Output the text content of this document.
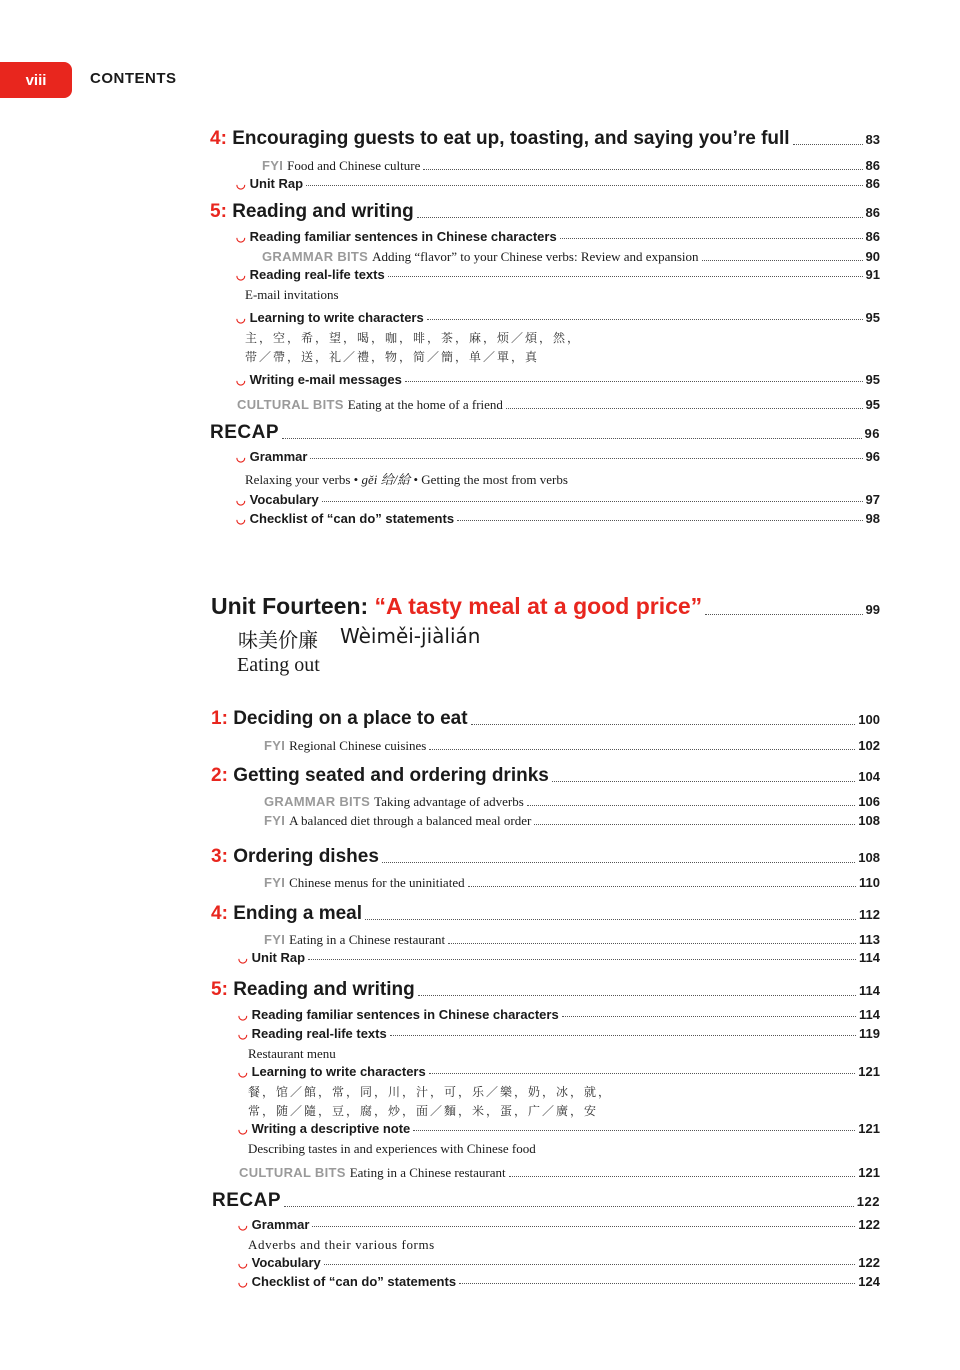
viii	CONTENTS
4:
Encouraging guests to eat up, toasting, and saying you’re full	83
FYI
Food and Chinese culture	86
◡ Unit Rap	86
5:
Reading and writing	86
◡ Reading familiar sentences in Chinese characters	86
GRAMMAR BITS
Adding “flavor” to your Chinese verbs: Review and expansion	90
◡ Reading real-life texts	91
E-mail invitations
◡ Learning to write characters	95
主，空，希，望，喝，咖，啡，茶，麻，烦／煩，然，
带／帶，送，礼／禮，物，简／簡，单／單，真
◡ Writing e-mail messages	95
CULTURAL BITS
Eating at the home of a friend	95
RECAP	96
◡ Grammar	96
Relaxing your verbs • gěi 给/給 • Getting the most from verbs
◡ Vocabulary	97
◡ Checklist of “can do” statements	98
Unit Fourteen:
“A tasty meal at a good price”	99
味美价廉 Wèiměi-jiàlián
Eating out
1:
Deciding on a place to eat	100
FYI
Regional Chinese cuisines	102
2:
Getting seated and ordering drinks	104
GRAMMAR BITS
Taking advantage of adverbs	106
FYI
A balanced diet through a balanced meal order	108
3:
Ordering dishes	108
FYI
Chinese menus for the uninitiated	110
4:
Ending a meal	112
FYI
Eating in a Chinese restaurant	113
◡ Unit Rap	114
5:
Reading and writing	114
◡ Reading familiar sentences in Chinese characters	114
◡ Reading real-life texts	119
Restaurant menu
◡ Learning to write characters	121
餐，馆／館，常，同，川，汁，可，乐／樂，奶，冰，就，
常，随／隨，豆，腐，炒，面／麵，米，蛋，广／廣，安
◡ Writing a descriptive note	121
Describing tastes in and experiences with Chinese food
CULTURAL BITS
Eating in a Chinese restaurant	121
RECAP	122
◡ Grammar	122
Adverbs and their various forms
◡ Vocabulary	122
◡ Checklist of “can do” statements	124
